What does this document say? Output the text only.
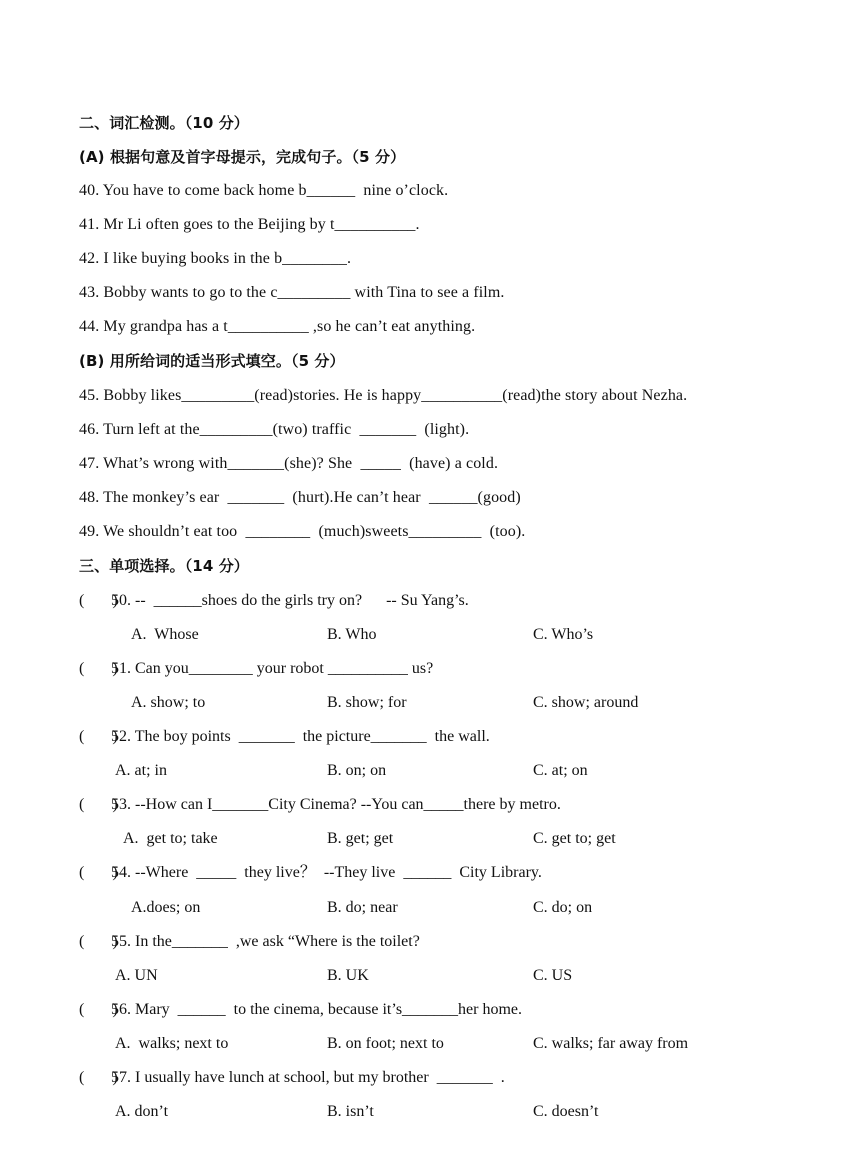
二、词汇检测。（10 分）
(A) 根据句意及首字母提示，完成句子。（5 分）
40. You have to come back home b______  nine o’clock.
41. Mr Li often goes to the Beijing by t__________.
42. I like buying books in the b________.
43. Bobby wants to go to the c_________ with Tina to see a film.
44. My grandpa has a t__________ ,so he can’t eat anything.
(B) 用所给词的适当形式填空。（5 分）
45. Bobby likes_________(read)stories. He is happy__________(read)the story about Nezha.
46. Turn left at the_________(two) traffic  _______  (light).
47. What’s wrong with_______(she)? She  _____  (have) a cold.
48. The monkey’s ear  _______  (hurt).He can’t hear  ______(good)
49. We shouldn’t eat too  ________  (much)sweets_________  (too).
三、单项选择。（14 分）
(       )
50. --  ______shoes do the girls try on?      -- Su Yang’s.
A.  Whose	B. Who	C. Who’s
(       )
51. Can you________ your robot __________ us?
A. show; to	B. show; for	C. show; around
(       )
52. The boy points  _______  the picture_______  the wall.
A. at; in	B. on; on	C. at; on
(       )
53. --How can I_______City Cinema? --You can_____there by metro.
A.  get to; take	B. get; get	C. get to; get
(       )
54. --Where  _____  they live？  --They live  ______  City Library.
A.does; on	B. do; near	C. do; on
(       )
55. In the_______  ,we ask “Where is the toilet?
A. UN	B. UK	C. US
(       )
56. Mary  ______  to the cinema, because it’s_______her home.
A.  walks; next to	B. on foot; next to	C. walks; far away from
(       )
57. I usually have lunch at school, but my brother  _______  .
A. don’t	B. isn’t	C. doesn’t
